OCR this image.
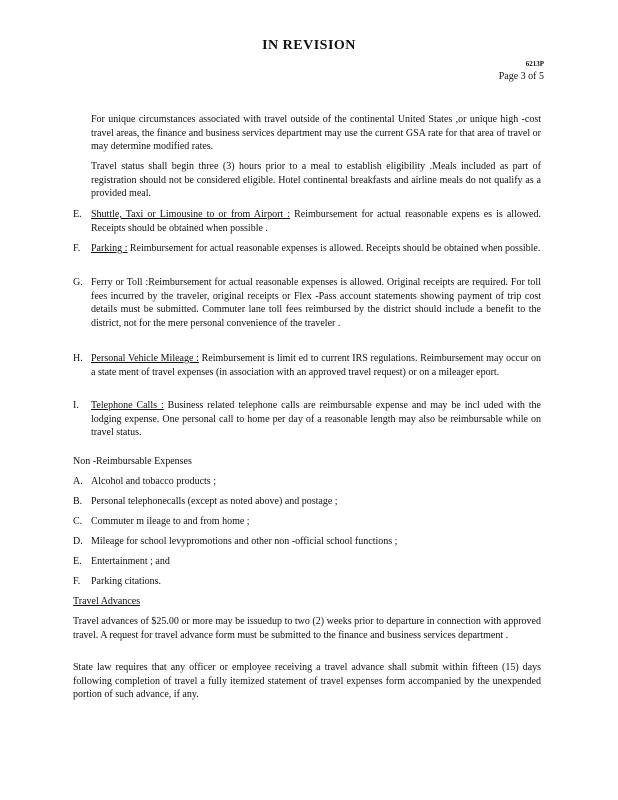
IN REVISION
6213P
Page 3 of 5
For unique circumstances associated with travel outside of the continental United States ,or unique high -cost travel areas, the finance and business services department may use the current GSA rate for that area of travel or may determine modified rates.
Travel status shall begin three (3) hours prior to a meal to establish eligibility .Meals included as part of registration should not be considered eligible. Hotel continental breakfasts and airline meals do not qualify as a provided meal.
E. Shuttle, Taxi or Limousine to or from Airport : Reimbursement for actual reasonable expens es is allowed. Receipts should be obtained when possible .
F.	Parking : Reimbursement for actual reasonable expenses is allowed. Receipts should be obtained when possible.
G. Ferry or Toll :Reimbursement for actual reasonable expenses is allowed. Original receipts are required. For toll fees incurred by the traveler, original receipts or Flex -Pass account statements showing payment of trip cost details must be submitted. Commuter lane toll fees reimbursed by the district should include a benefit to the district, not for the mere personal convenience of the traveler .
H. Personal Vehicle Mileage : Reimbursement is limit ed to current IRS regulations. Reimbursement may occur on a state ment of travel expenses (in association with an approved travel request) or on a mileager eport.
I.	Telephone Calls : Business related telephone calls are reimbursable expense and may be incl uded with the lodging expense. One personal call to home per day of a reasonable length may also be reimbursable while on travel status.
Non -Reimbursable Expenses
A. Alcohol and tobacco products ;
B. Personal telephonecalls (except as noted above) and postage ;
C. Commuter m ileage to and from home ;
D. Mileage for school levypromotions and other non -official school functions ;
E. Entertainment ; and
F. Parking citations.
Travel Advances
Travel advances of $25.00 or more may be issuedup to two (2) weeks prior to departure in connection with approved travel. A request for travel advance form must be submitted to the finance and business services department .
State law requires that any officer or employee receiving a travel advance shall submit within fifteen (15) days following completion of travel a fully itemized statement of travel expenses form accompanied by the unexpended portion of such advance, if any.
